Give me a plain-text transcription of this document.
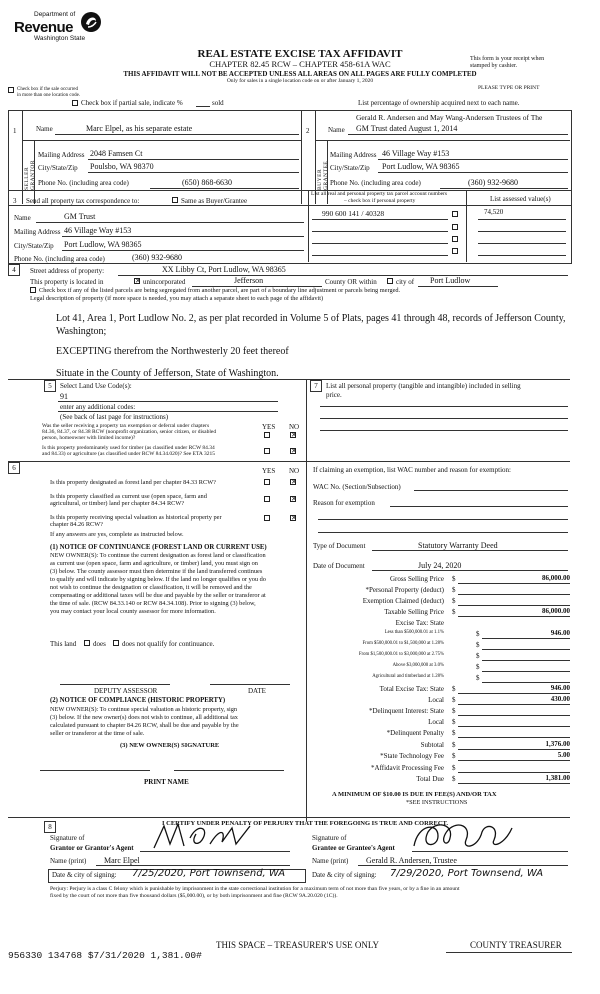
Department of
Revenue
Washington State
REAL ESTATE EXCISE TAX AFFIDAVIT
CHAPTER 82.45 RCW – CHAPTER 458-61A WAC
THIS AFFIDAVIT WILL NOT BE ACCEPTED UNLESS ALL AREAS ON ALL PAGES ARE FULLY COMPLETED
Only for sales in a single location code on or after January 1, 2020
This form is your receipt when
stamped by cashier.
PLEASE TYPE OR PRINT
Check box if the sale occurred
in more than one location code.
Check box if partial sale, indicate %	sold	List percentage of ownership acquired next to each name.
1	2
Name	Marc Elpel, as his separate estate
SELLER GRANTOR
Mailing Address 2048 Famsen Ct
City/State/Zip Poulsbo, WA 98370
Phone No. (including area code)	(650) 868-6630
Gerald R. Andersen and May Wang-Andersen Trustees of The
Name GM Trust dated August 1, 2014
BUYER GRANTEE
Mailing Address 46 Village Way #153
City/State/Zip Port Ludlow, WA 98365
Phone No. (including area code)	(360) 932-9680
3 Send all property tax correspondence to:	Same as Buyer/Grantee
Name	GM Trust
Mailing Address 46 Village Way #153
City/State/Zip Port Ludlow, WA 98365
Phone No. (including area code)	(360) 932-9680
List all real and personal property tax parcel account numbers
– check box if personal property	List assessed value(s)
990 600 141 / 40328	74,520
4	Street address of property:	XX Libby Ct, Port Ludlow, WA 98365
This property is located in	✕ unincorporated	Jefferson	County OR within	city of Port Ludlow
Check box if any of the listed parcels are being segregated from another parcel, are part of a boundary line adjustment or parcels being merged.
Legal description of property (if more space is needed, you may attach a separate sheet to each page of the affidavit)
Lot 41, Area 1, Port Ludlow No. 2, as per plat recorded in Volume 5 of Plats, pages 41 through 48, records of Jefferson County,
Washington;
EXCEPTING therefrom the Northwesterly 20 feet thereof
Situate in the County of Jefferson, State of Washington.
5	Select Land Use Code(s):
91
enter any additional codes:
(See back of last page for instructions)
YES NO
Was the seller receiving a property tax exemption or deferral under chapters
84.36, 84.37, or 84.38 RCW (nonprofit organization, senior citizen, or disabled
person, homeowner with limited income)?	✕
Is this property predominately used for timber (as classified under RCW 84.34
and 84.33) or agriculture (as classified under RCW 84.34.020)? See ETA 3215	✕
7	List all personal property (tangible and intangible) included in selling
price.
6	YES NO
Is this property designated as forest land per chapter 84.33 RCW?	✕
Is this property classified as current use (open space, farm and
agricultural, or timber) land per chapter 84.34 RCW?
✕
Is this property receiving special valuation as historical property per
chapter 84.26 RCW?
✕
If any answers are yes, complete as instructed below.
(1) NOTICE OF CONTINUANCE (FOREST LAND OR CURRENT USE)
NEW OWNER(S): To continue the current designation as forest land or classification
as current use (open space, farm and agriculture, or timber) land, you must sign on
(3) below. The county assessor must then determine if the land transferred continues
to qualify and will indicate by signing below. If the land no longer qualifies or you do
not wish to continue the designation or classification, it will be removed and the
compensating or additional taxes will be due and payable by the seller or transferor at
the time of sale. (RCW 84.33.140 or RCW 84.34.108). Prior to signing (3) below,
you may contact your local county assessor for more information.
This land does does not qualify for continuance.
DEPUTY ASSESSOR	DATE
(2) NOTICE OF COMPLIANCE (HISTORIC PROPERTY)
NEW OWNER(S): To continue special valuation as historic property, sign
(3) below. If the new owner(s) does not wish to continue, all additional tax
calculated pursuant to chapter 84.26 RCW, shall be due and payable by the
seller or transferor at the time of sale.
(3) NEW OWNER(S) SIGNATURE
PRINT NAME
If claiming an exemption, list WAC number and reason for exemption:
WAC No. (Section/Subsection)
Reason for exemption
Type of Document	Statutory Warranty Deed
Date of Document	July 24, 2020
Gross Selling Price $	86,000.00
*Personal Property (deduct) $
Exemption Claimed (deduct) $
Taxable Selling Price $	86,000.00
Excise Tax: State
Less than $500,000.01 at 1.1%	$	946.00
From $500,000.01 to $1,500,000 at 1.28%	$
From $1,500,000.01 to $3,000,000 at 2.75%	$
Above $3,000,000 at 3.0%	$
Agricultural and timberland at 1.28%	$
Total Excise Tax: State $	946.00
Local $	430.00
*Delinquent Interest: State $
Local $
*Delinquent Penalty $
Subtotal $	1,376.00
*State Technology Fee $	5.00
*Affidavit Processing Fee $
Total Due $	1,381.00
A MINIMUM OF $10.00 IS DUE IN FEE(S) AND/OR TAX
*SEE INSTRUCTIONS
8	I CERTIFY UNDER PENALTY OF PERJURY THAT THE FOREGOING IS TRUE AND CORRECT.
Signature of
Grantor or Grantor's Agent
Signature of
Grantee or Grantee's Agent
Name (print) Marc Elpel	Name (print) Gerald R. Andersen, Trustee
Date & city of signing: 7/25/2020, Port Townsend, WA	Date & city of signing: 7/29/2020, Port Townsend, WA
Perjury: Perjury is a class C felony which is punishable by imprisonment in the state correctional institution for a maximum term of not more than five years, or by a fine in an amount
fixed by the court of not more than five thousand dollars ($5,000.00), or by both imprisonment and fine (RCW 9A.20.020 (1C)).
956330 134768 $7/31/2020 1,381.00#
THIS SPACE – TREASURER'S USE ONLY	COUNTY TREASURER
